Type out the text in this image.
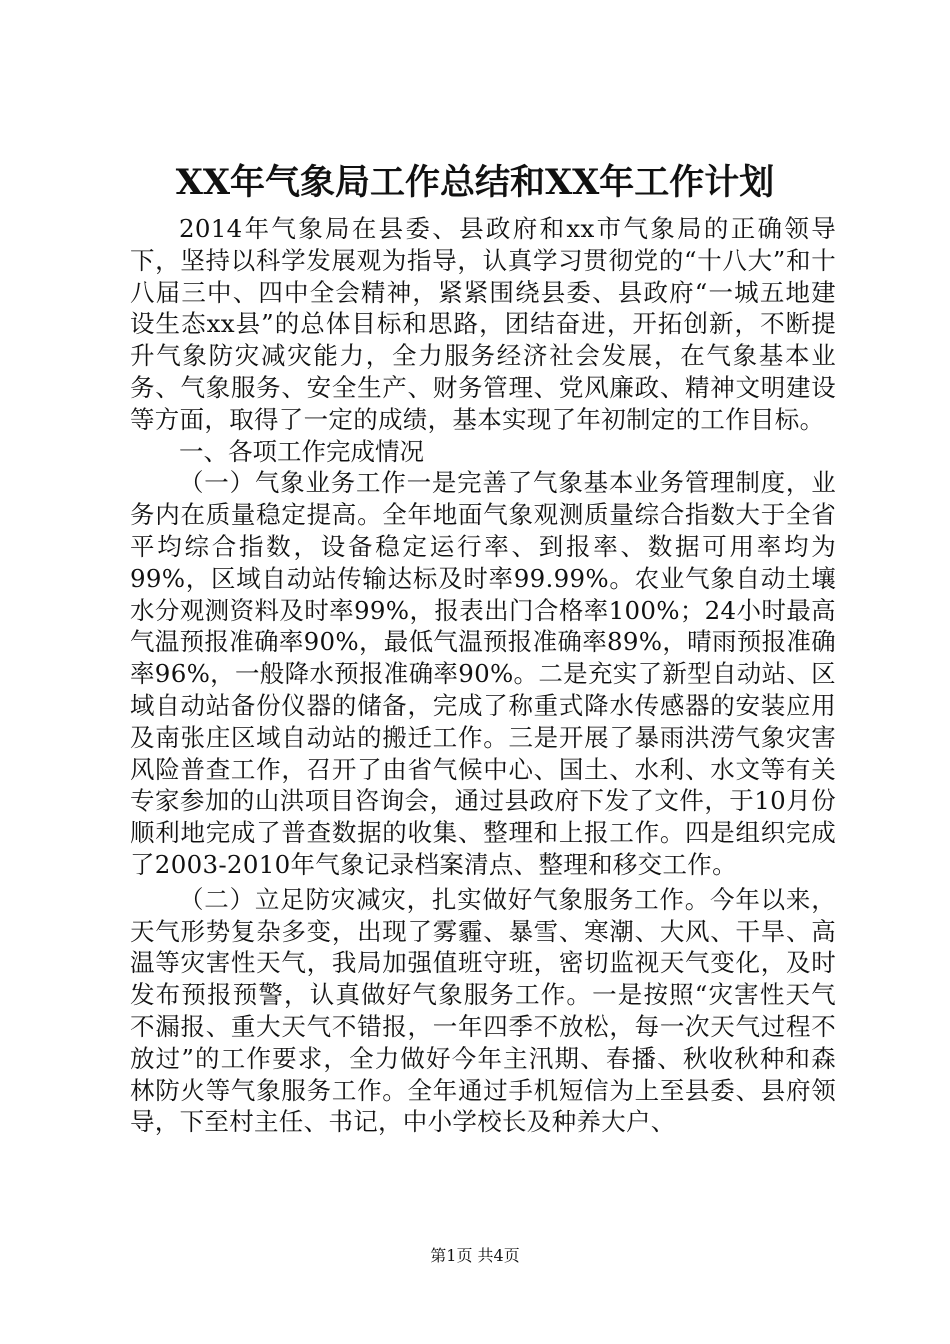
XX年气象局工作总结和XX年工作计划

2014年气象局在县委、县政府和xx市气象局的正确领导下，坚持以科学发展观为指导，认真学习贯彻党的“十八大”和十八届三中、四中全会精神，紧紧围绕县委、县政府“一城五地建设生态xx县”的总体目标和思路，团结奋进，开拓创新，不断提升气象防灾减灾能力，全力服务经济社会发展，在气象基本业务、气象服务、安全生产、财务管理、党风廉政、精神文明建设等方面，取得了一定的成绩，基本实现了年初制定的工作目标。

一、各项工作完成情况

（一）气象业务工作一是完善了气象基本业务管理制度，业务内在质量稳定提高。全年地面气象观测质量综合指数大于全省平均综合指数，设备稳定运行率、到报率、数据可用率均为99%，区域自动站传输达标及时率99.99%。农业气象自动土壤水分观测资料及时率99%，报表出门合格率100%；24小时最高气温预报准确率90%，最低气温预报准确率89%，晴雨预报准确率96%，一般降水预报准确率90%。二是充实了新型自动站、区域自动站备份仪器的储备，完成了称重式降水传感器的安装应用及南张庄区域自动站的搬迁工作。三是开展了暴雨洪涝气象灾害风险普查工作，召开了由省气候中心、国土、水利、水文等有关专家参加的山洪项目咨询会，通过县政府下发了文件，于10月份顺利地完成了普查数据的收集、整理和上报工作。四是组织完成了2003-2010年气象记录档案清点、整理和移交工作。

（二）立足防灾减灾，扎实做好气象服务工作。今年以来，天气形势复杂多变，出现了雾霾、暴雪、寒潮、大风、干旱、高温等灾害性天气，我局加强值班守班，密切监视天气变化，及时发布预报预警，认真做好气象服务工作。一是按照“灾害性天气不漏报、重大天气不错报，一年四季不放松，每一次天气过程不放过”的工作要求，全力做好今年主汛期、春播、秋收秋种和森林防火等气象服务工作。全年通过手机短信为上至县委、县府领导，下至村主任、书记，中小学校长及种养大户、

第1页 共4页
